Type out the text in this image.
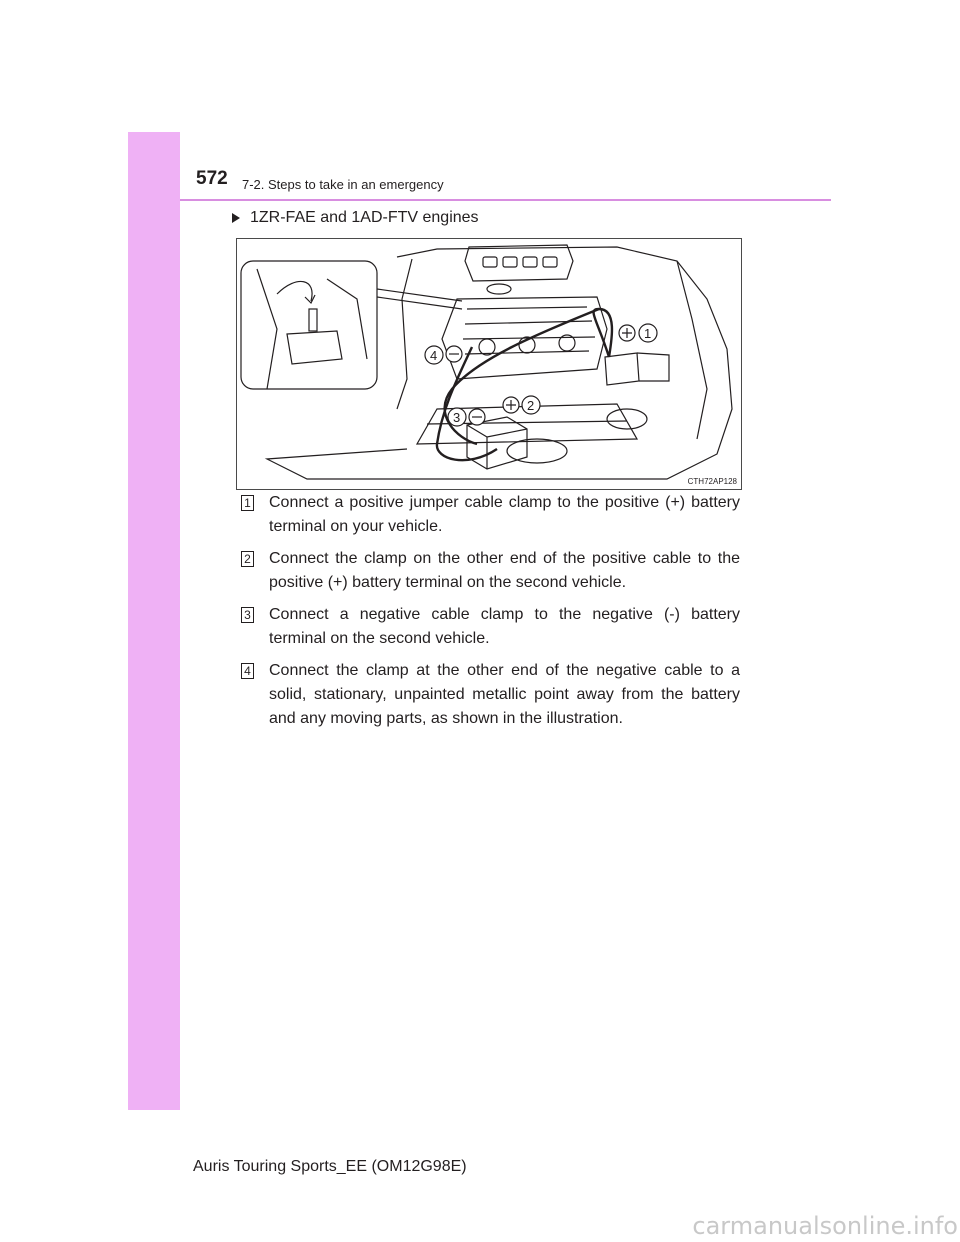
572 7-2. Steps to take in an emergency
1ZR-FAE and 1AD-FTV engines
1
2
3
4
CTH72AP128
1 Connect a positive jumper cable clamp to the positive (+) battery terminal on your vehicle.
2 Connect the clamp on the other end of the positive cable to the positive (+) battery terminal on the second vehicle.
3 Connect a negative cable clamp to the negative (-) battery terminal on the second vehicle.
4 Connect the clamp at the other end of the negative cable to a solid, stationary, unpainted metallic point away from the battery and any moving parts, as shown in the illustration.
Auris Touring Sports_EE (OM12G98E)
carmanualsonline.info
